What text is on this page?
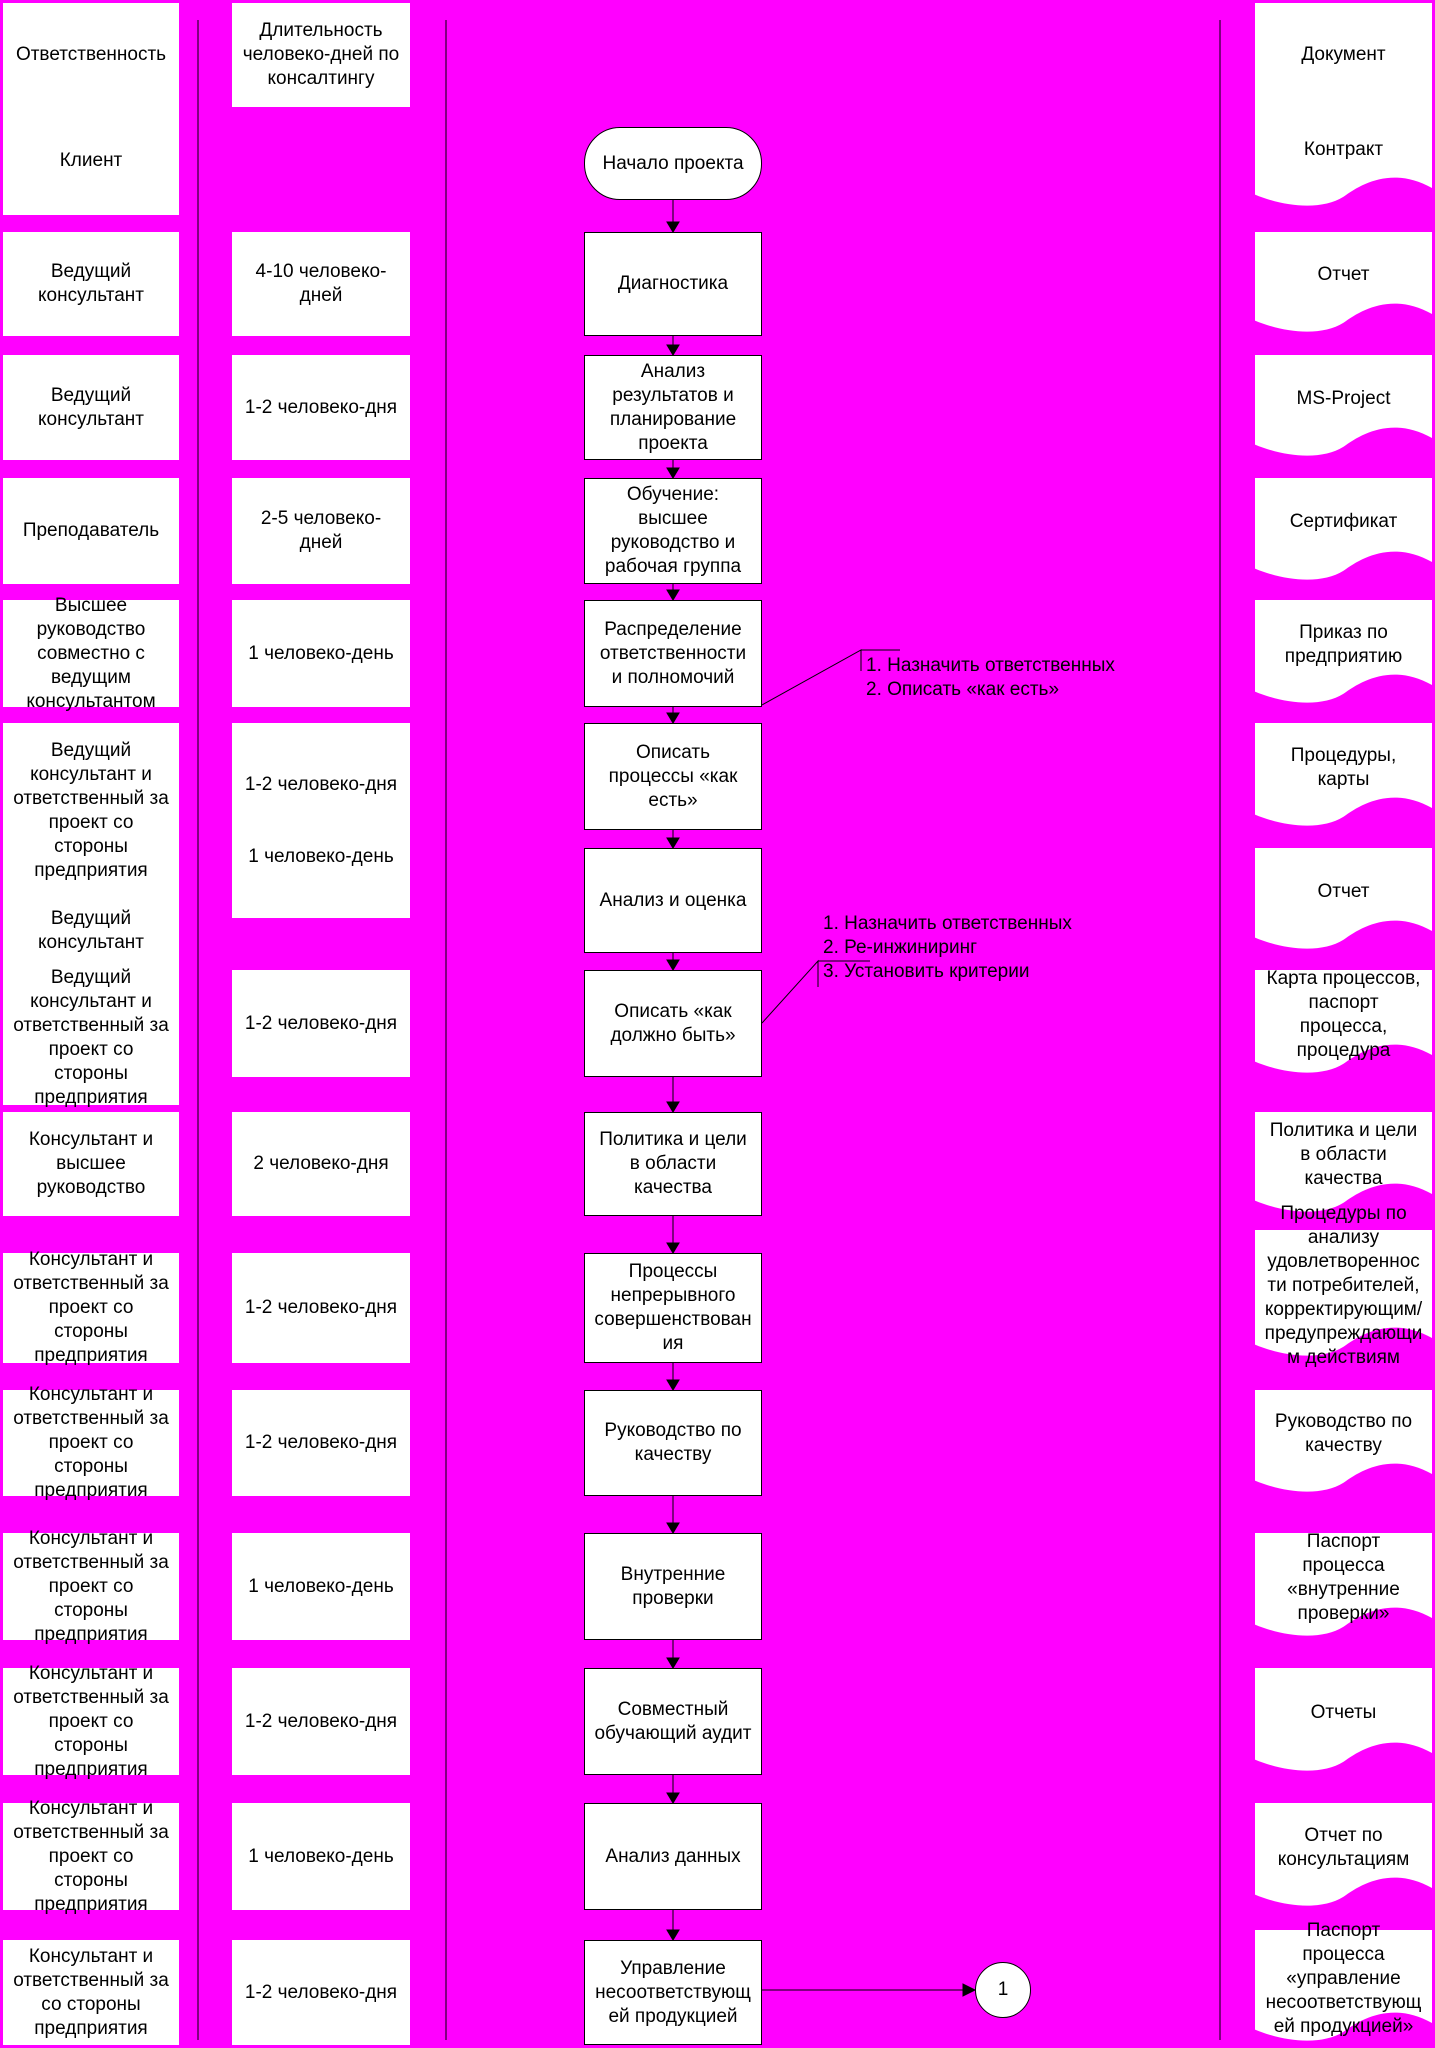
Ответственность
Длительность
человеко-дней по
консалтингу
Документ
Клиент
Ведущий
консультант
Ведущий
консультант
Преподаватель
Высшее
руководство
совместно с
ведущим
консультантом
Ведущий
консультант и
ответственный за
проект со
стороны
предприятия

Ведущий
консультант
Ведущий
консультант и
ответственный за
проект со
стороны
предприятия
Консультант и
высшее
руководство
Консультант и
ответственный за
проект со
стороны
предприятия
Консультант и
ответственный за
проект со
стороны
предприятия
Консультант и
ответственный за
проект со
стороны
предприятия
Консультант и
ответственный за
проект со
стороны
предприятия
Консультант и
ответственный за
проект со
стороны
предприятия
Консультант и
ответственный за
со стороны
предприятия
4-10 человеко-
дней
1-2 человеко-дня
2-5 человеко-
дней
1 человеко-день
1-2 человеко-дня

1 человеко-день
1-2 человеко-дня
2 человеко-дня
1-2 человеко-дня
1-2 человеко-дня
1 человеко-день
1-2 человеко-дня
1 человеко-день
1-2 человеко-дня
Начало проекта
Диагностика
Анализ
результатов и
планирование
проекта
Обучение:
высшее
руководство и
рабочая группа
Распределение
ответственности
и полномочий
Описать
процессы «как
есть»
Анализ и оценка
Описать «как
должно быть»
Политика и цели
в области
качества
Процессы
непрерывного
совершенствован
ия
Руководство по
качеству
Внутренние
проверки
Совместный
обучающий аудит
Анализ данных
Управление
несоответствующ
ей продукцией
Контракт
Отчет
MS-Project
Сертификат
Приказ по
предприятию
Процедуры,
карты
Отчет
Карта процессов,
паспорт
процесса,
процедура
Политика и цели
в области
качества
Процедуры по
анализу
удовлетвореннос
ти потребителей,
корректирующим/
предупреждающи
м действиям
Руководство по
качеству
Паспорт
процесса
«внутренние
проверки»
Отчеты
Отчет по
консультациям
Паспорт
процесса
«управление
несоответствующ
ей продукцией»
1. Назначить ответственных
2. Описать «как есть»
1. Назначить ответственных
2. Ре-инжиниринг
3. Установить критерии
1
